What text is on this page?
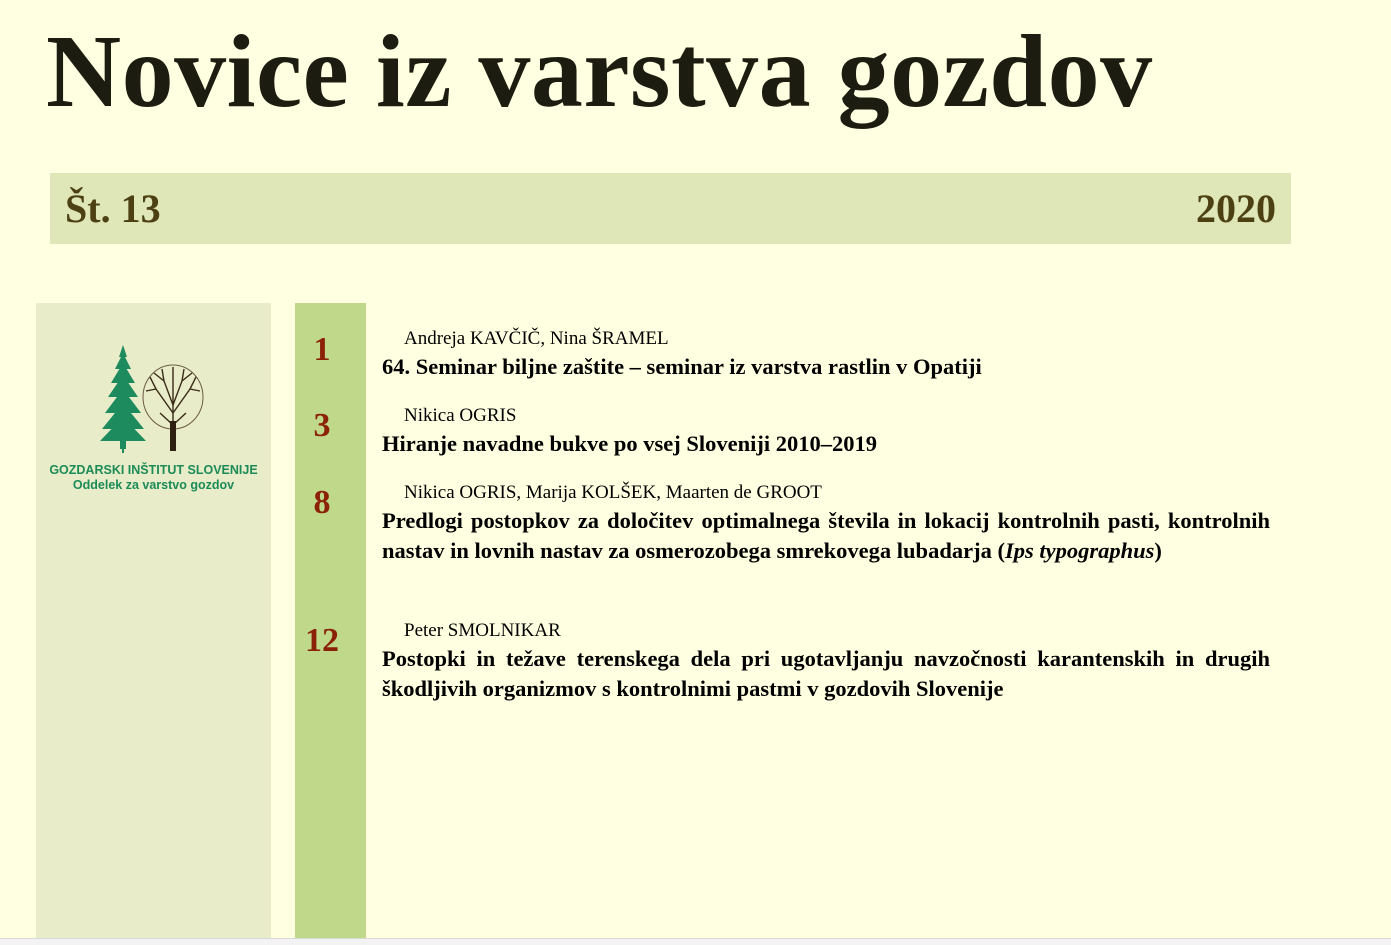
Novice iz varstva gozdov
Št. 13	2020
GOZDARSKI INŠTITUT SLOVENIJE
Oddelek za varstvo gozdov
1	Andreja KAVČIČ, Nina ŠRAMEL
64. Seminar biljne zaštite – seminar iz varstva rastlin v Opatiji
3	Nikica OGRIS
Hiranje navadne bukve po vsej Sloveniji 2010–2019
8	Nikica OGRIS, Marija KOLŠEK, Maarten de GROOT
Predlogi postopkov za določitev optimalnega števila in lokacij kontrolnih pasti, kontrolnih nastav in lovnih nastav za osmerozobega smrekovega lubadarja (Ips typographus)
12	Peter SMOLNIKAR
Postopki in težave terenskega dela pri ugotavljanju navzočnosti karantenskih in drugih škodljivih organizmov s kontrolnimi pastmi v gozdovih Slovenije
